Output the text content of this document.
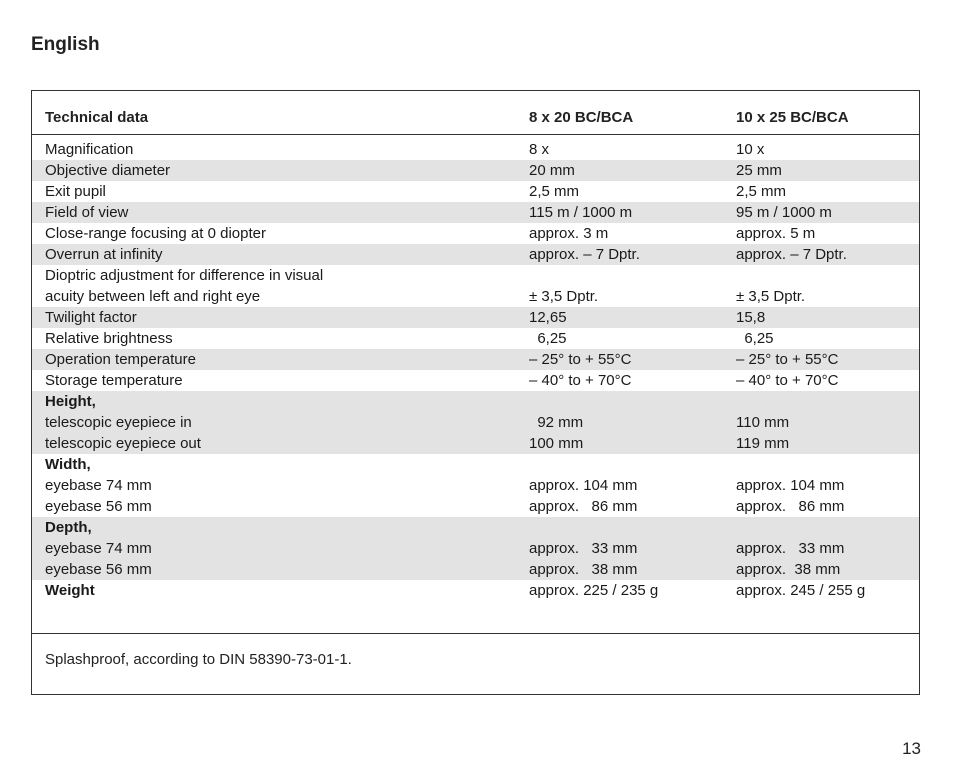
English
Technical data	8 x 20 BC/BCA	10 x 25 BC/BCA
Magnification	8 x	10 x
Objective diameter	20 mm	25 mm
Exit pupil	2,5 mm	2,5 mm
Field of view	115 m / 1000 m	95 m / 1000 m
Close-range focusing at 0 diopter	approx. 3 m	approx. 5 m
Overrun at infinity	approx. – 7 Dptr.	approx. – 7 Dptr.
Dioptric adjustment for difference in visual
acuity between left and right eye	± 3,5 Dptr.	± 3,5 Dptr.
Twilight factor	12,65	15,8
Relative brightness	6,25	6,25
Operation temperature	– 25° to + 55°C	– 25° to + 55°C
Storage temperature	– 40° to + 70°C	– 40° to + 70°C
Height,
telescopic eyepiece in	92 mm	110 mm
telescopic eyepiece out	100 mm	119 mm
Width,
eyebase 74 mm	approx. 104 mm	approx. 104 mm
eyebase 56 mm	approx.   86 mm	approx.   86 mm
Depth,
eyebase 74 mm	approx.   33 mm	approx.   33 mm
eyebase 56 mm	approx.   38 mm	approx.  38 mm
Weight	approx. 225 / 235 g	approx. 245 / 255 g
Splashproof, according to DIN 58390-73-01-1.
13
